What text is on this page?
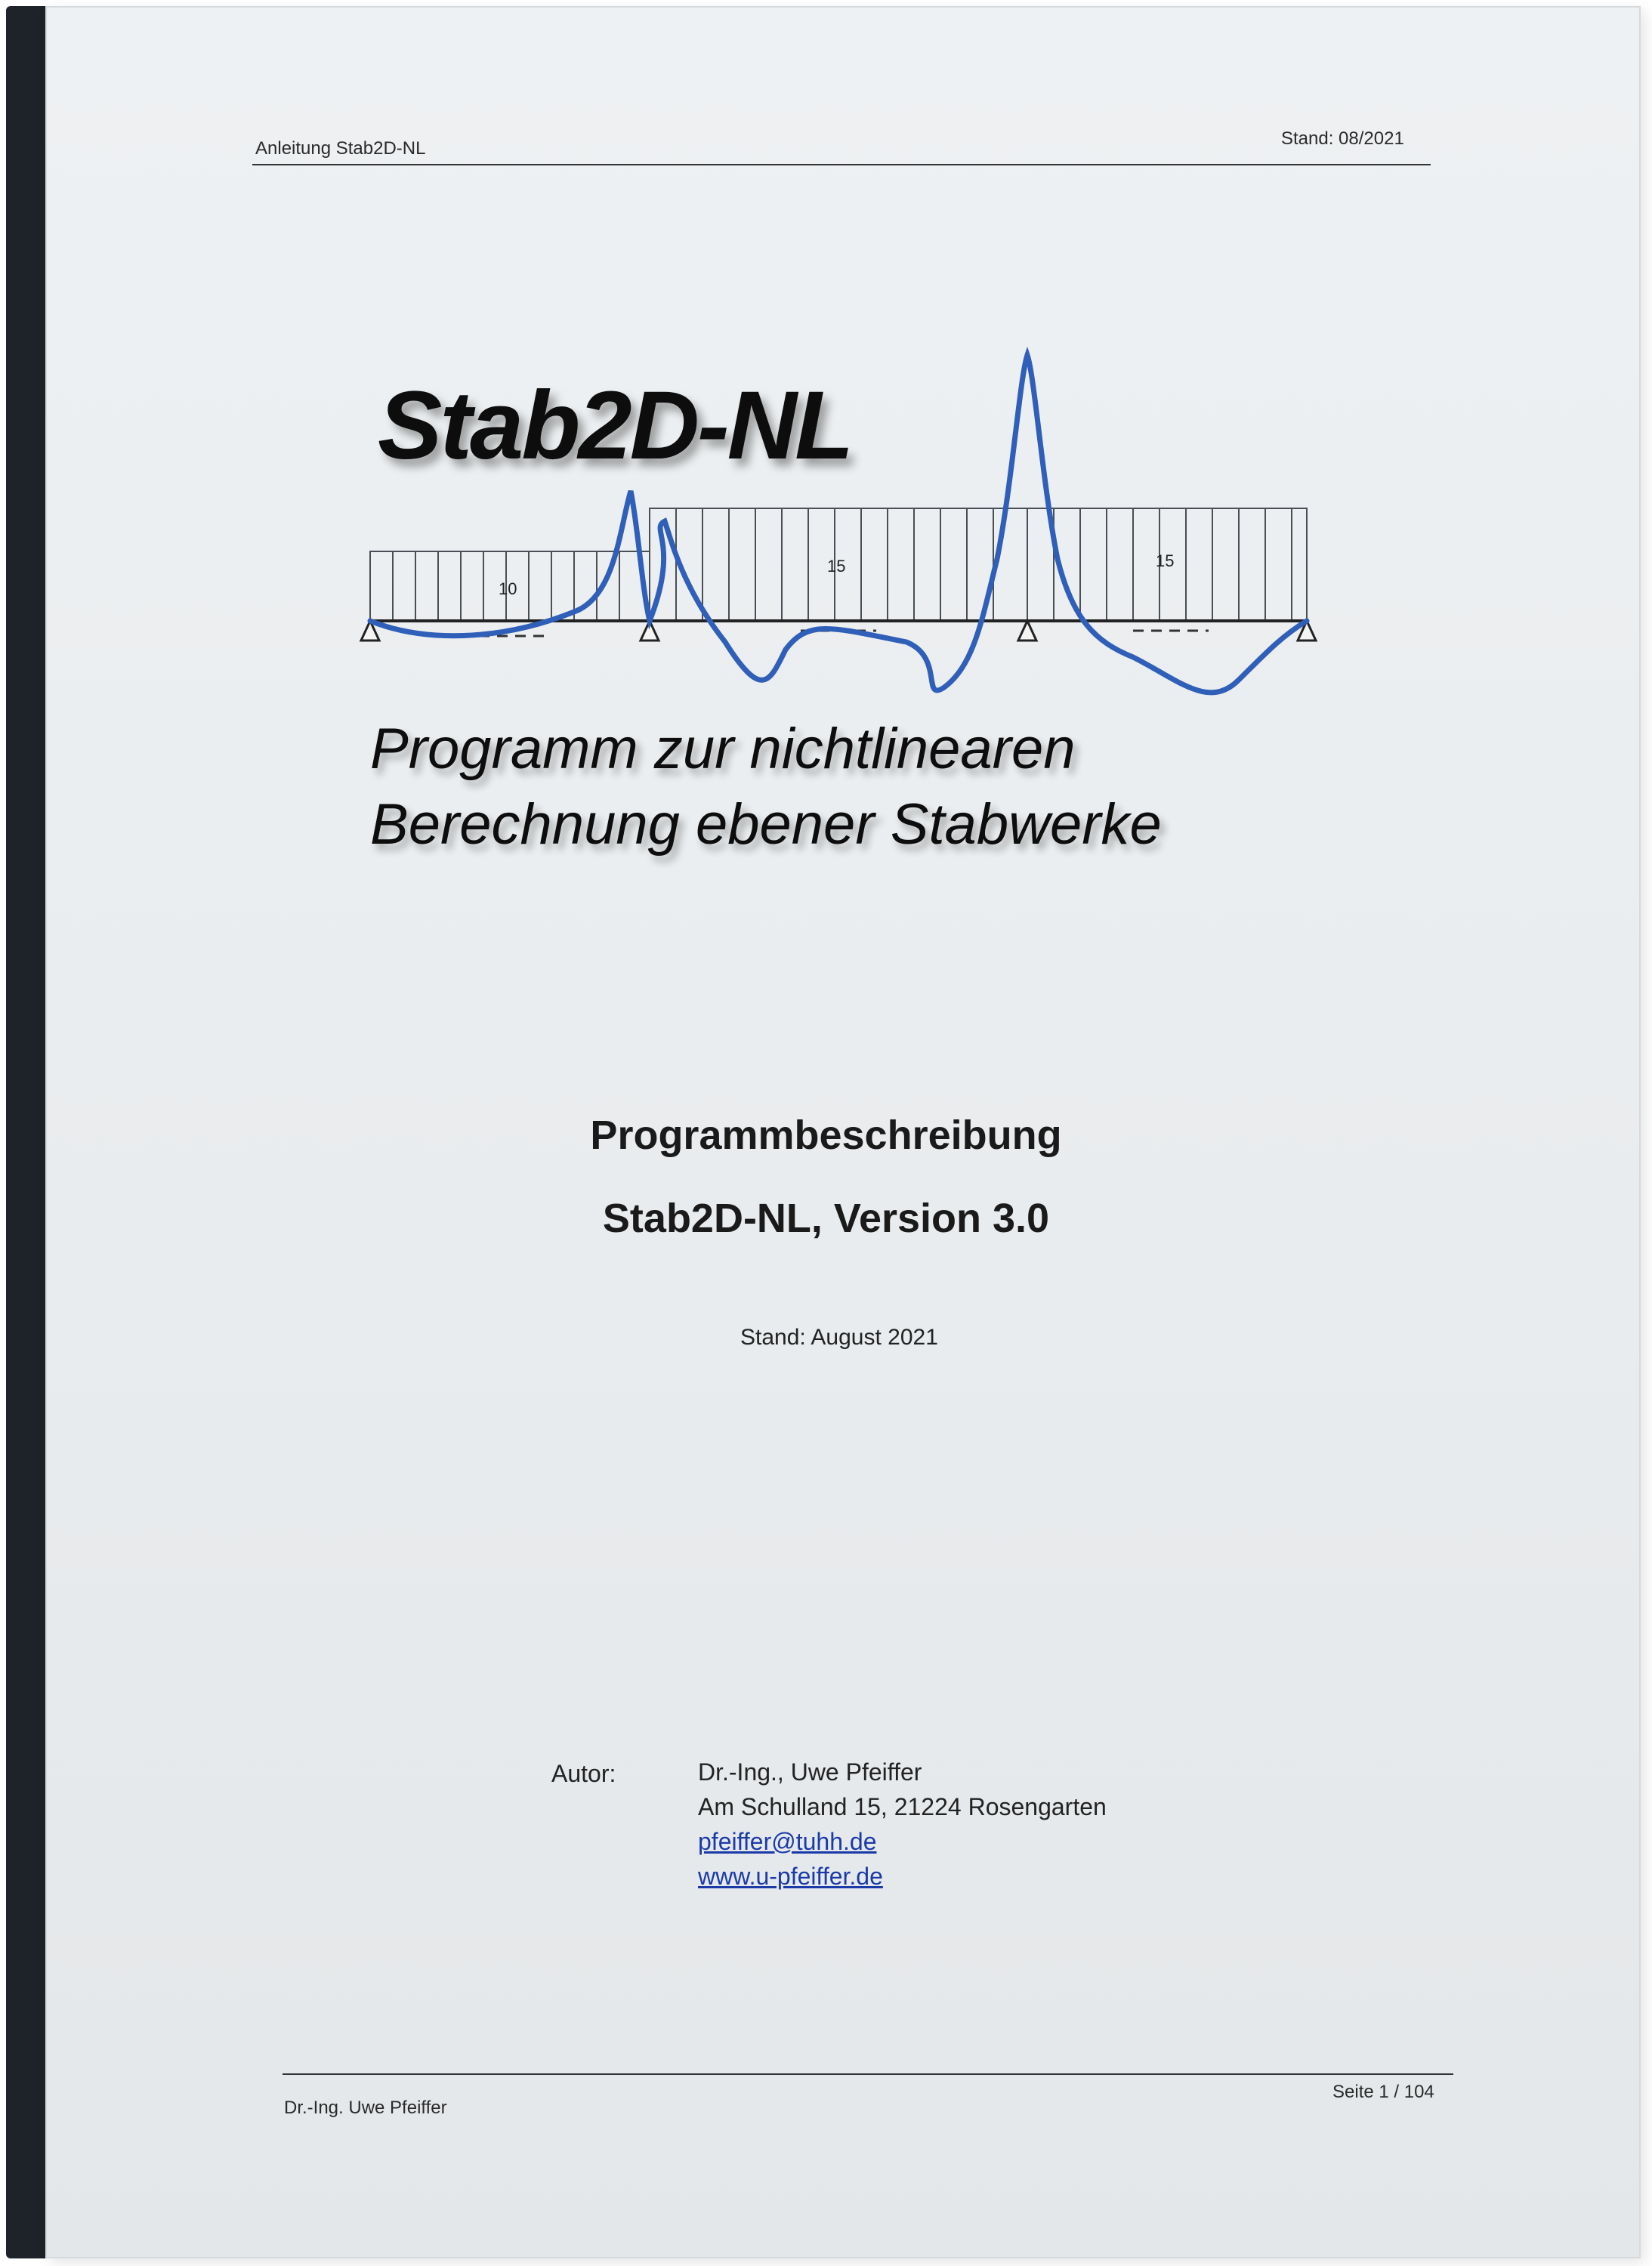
Anleitung Stab2D-NL	Stand: 08/2021
Stab2D-NL
10
15	15
Programm zur nichtlinearen
Berechnung ebener Stabwerke
Programmbeschreibung
Stab2D-NL, Version 3.0
Stand: August 2021
Autor:	Dr.-Ing., Uwe Pfeiffer
Am Schulland 15, 21224 Rosengarten
pfeiffer@tuhh.de
www.u-pfeiffer.de
Dr.-Ing. Uwe Pfeiffer
Seite 1 / 104
